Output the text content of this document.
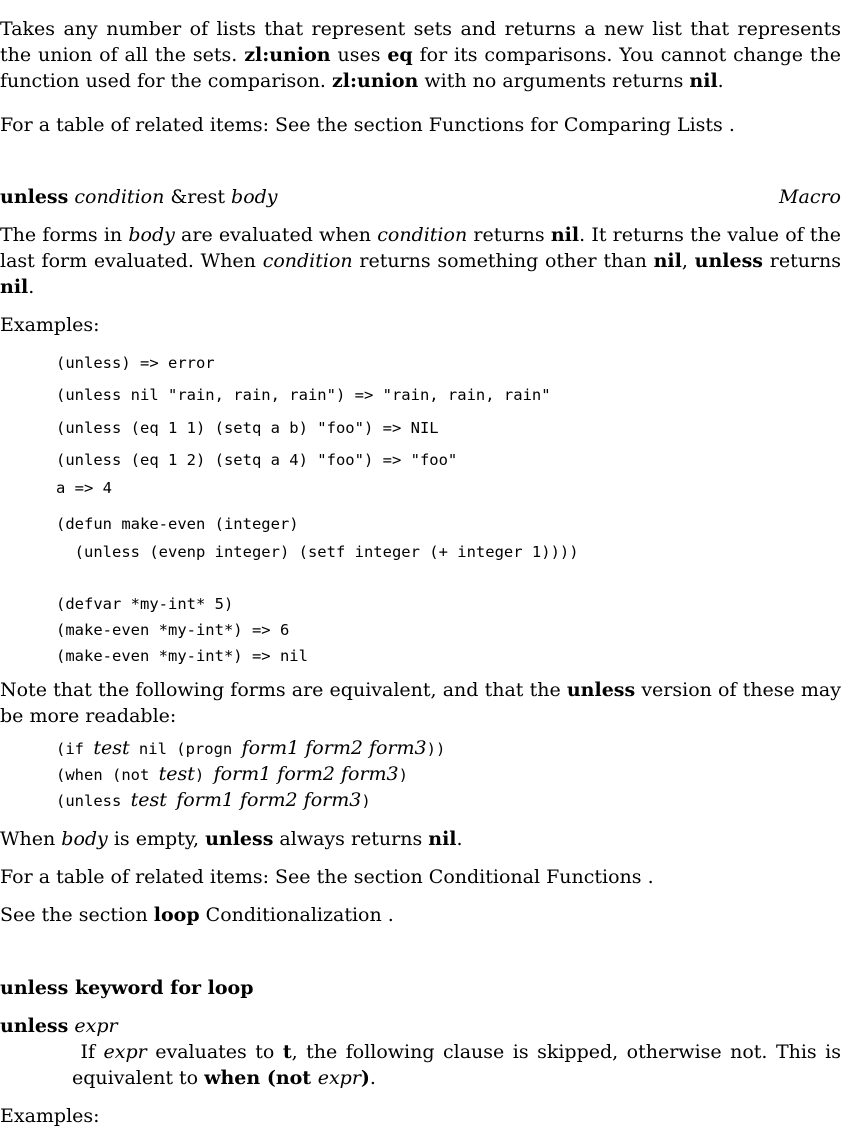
Takes any number of lists that represent sets and returns a new list that represents the union of all the sets. zl:union uses eq for its comparisons. You cannot change the function used for the comparison. zl:union with no arguments returns nil.
For a table of related items: See the section Functions for Comparing Lists .
unless condition &rest body	Macro
The forms in body are evaluated when condition returns nil. It returns the value of the last form evaluated. When condition returns something other than nil, unless returns nil.
Examples:
(unless) => error
(unless nil "rain, rain, rain") => "rain, rain, rain"
(unless (eq 1 1) (setq a b) "foo") => NIL
(unless (eq 1 2) (setq a 4) "foo") => "foo"
a => 4
(defun make-even (integer)
(unless (evenp integer) (setf integer (+ integer 1))))
(defvar *my-int* 5)
(make-even *my-int*) => 6
(make-even *my-int*) => nil
Note that the following forms are equivalent, and that the unless version of these may be more readable:
(if test nil (progn form1 form2 form3))
(when (not test) form1 form2 form3)
(unless test form1 form2 form3)
When body is empty, unless always returns nil.
For a table of related items: See the section Conditional Functions .
See the section loop Conditionalization .
unless keyword for loop
unless expr
If expr evaluates to t, the following clause is skipped, otherwise not. This is equivalent to when (not expr).
Examples:
